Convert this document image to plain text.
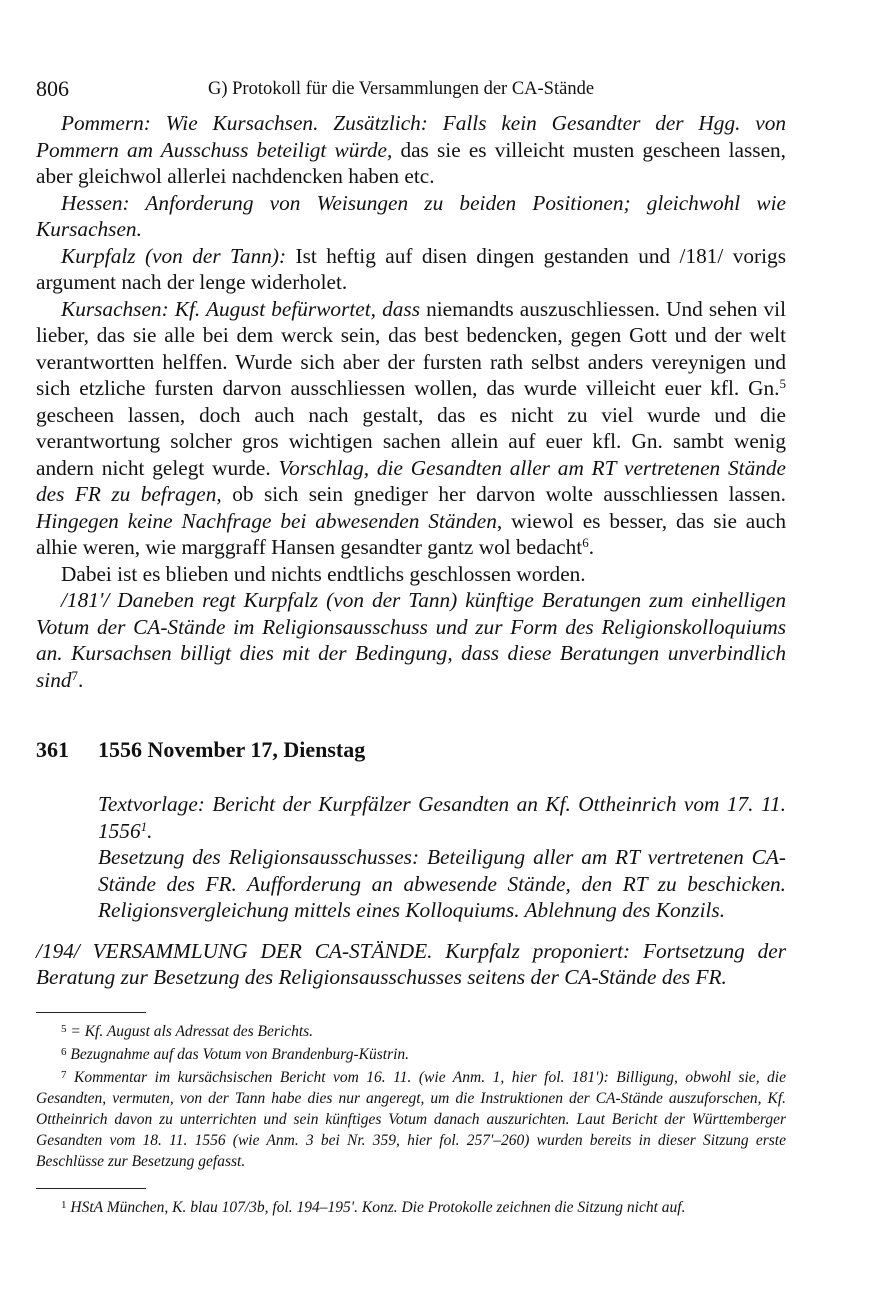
806	G) Protokoll für die Versammlungen der CA-Stände

Pommern: Wie Kursachsen. Zusätzlich: Falls kein Gesandter der Hgg. von Pommern am Ausschuss beteiligt würde, das sie es villeicht musten gescheen lassen, aber gleichwol allerlei nachdencken haben etc.

Hessen: Anforderung von Weisungen zu beiden Positionen; gleichwohl wie Kursachsen.

Kurpfalz (von der Tann): Ist heftig auf disen dingen gestanden und /181/ vorigs argument nach der lenge widerholet.

Kursachsen: Kf. August befürwortet, dass niemandts auszuschliessen. Und sehen vil lieber, das sie alle bei dem werck sein, das best bedencken, gegen Gott und der welt verantwortten helffen. Wurde sich aber der fursten rath selbst anders vereynigen und sich etzliche fursten darvon ausschliessen wollen, das wurde villeicht euer kfl. Gn.$^5$ gescheen lassen, doch auch nach gestalt, das es nicht zu viel wurde und die verantwortung solcher gros wichtigen sachen allein auf euer kfl. Gn. sambt wenig andern nicht gelegt wurde. Vorschlag, die Gesandten aller am RT vertretenen Stände des FR zu befragen, ob sich sein gnediger her darvon wolte ausschliessen lassen. Hingegen keine Nachfrage bei abwesenden Ständen, wiewol es besser, das sie auch alhie weren, wie marggraff Hansen gesandter gantz wol bedacht$^6$.

Dabei ist es blieben und nichts endtlichs geschlossen worden.

/181'/ Daneben regt Kurpfalz (von der Tann) künftige Beratungen zum einhelligen Votum der CA-Stände im Religionsausschuss und zur Form des Religionskolloquiums an. Kursachsen billigt dies mit der Bedingung, dass diese Beratungen unverbindlich sind$^7$.

361 1556 November 17, Dienstag

Textvorlage: Bericht der Kurpfälzer Gesandten an Kf. Ottheinrich vom 17. 11. 1556$^1$.

Besetzung des Religionsausschusses: Beteiligung aller am RT vertretenen CA-Stände des FR. Aufforderung an abwesende Stände, den RT zu beschicken. Religionsvergleichung mittels eines Kolloquiums. Ablehnung des Konzils.

/194/ VERSAMMLUNG DER CA-STÄNDE. Kurpfalz proponiert: Fortsetzung der Beratung zur Besetzung des Religionsausschusses seitens der CA-Stände des FR.

$^5$ = Kf. August als Adressat des Berichts.

$^6$ Bezugnahme auf das Votum von Brandenburg-Küstrin.

$^7$ Kommentar im kursächsischen Bericht vom 16. 11. (wie Anm. 1, hier fol. 181'): Billigung, obwohl sie, die Gesandten, vermuten, von der Tann habe dies nur angeregt, um die Instruktionen der CA-Stände auszuforschen, Kf. Ottheinrich davon zu unterrichten und sein künftiges Votum danach auszurichten. Laut Bericht der Württemberger Gesandten vom 18. 11. 1556 (wie Anm. 3 bei Nr. 359, hier fol. 257'–260) wurden bereits in dieser Sitzung erste Beschlüsse zur Besetzung gefasst.

$^1$ HStA München, K. blau 107/3b, fol. 194–195'. Konz. Die Protokolle zeichnen die Sitzung nicht auf.
